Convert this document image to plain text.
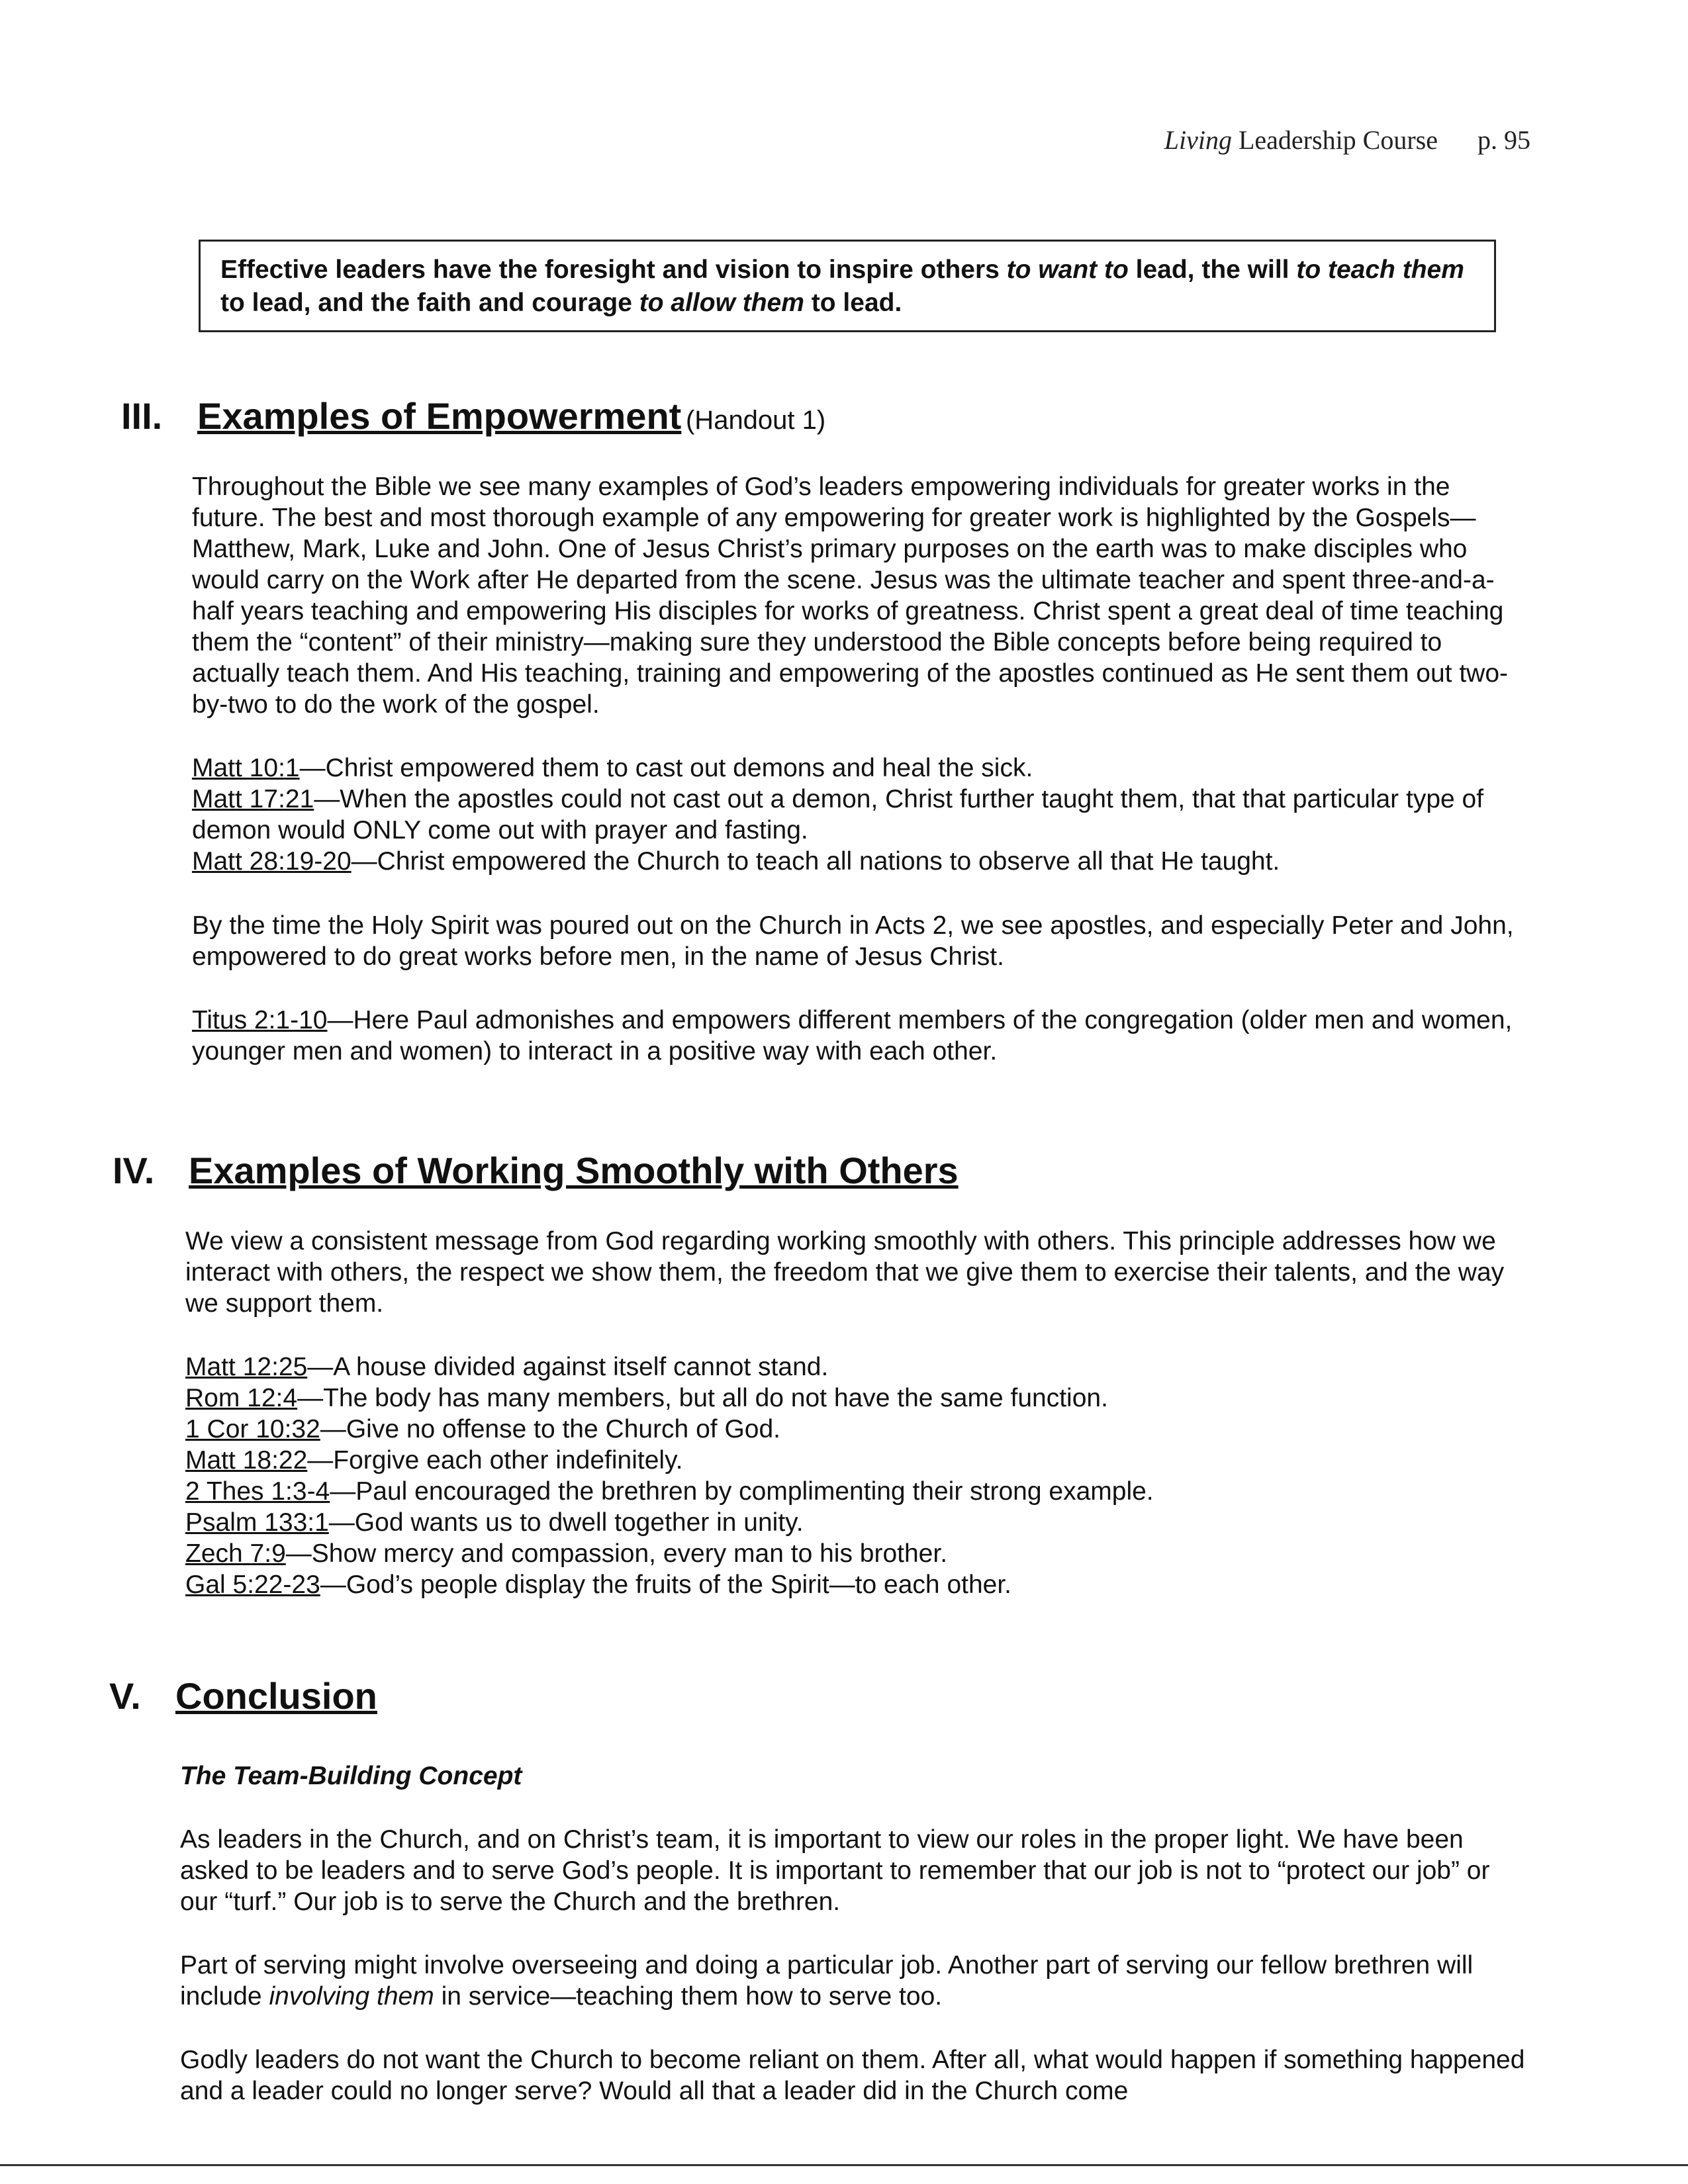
Living Leadership Course p. 95

Effective leaders have the foresight and vision to inspire others to want to lead, the will to teach them to lead, and the faith and courage to allow them to lead.

III. Examples of Empowerment (Handout 1)

Throughout the Bible we see many examples of God’s leaders empowering individuals for greater works in the future. The best and most thorough example of any empowering for greater work is highlighted by the Gospels—Matthew, Mark, Luke and John. One of Jesus Christ’s primary purposes on the earth was to make disciples who would carry on the Work after He departed from the scene. Jesus was the ultimate teacher and spent three-and-a-half years teaching and empowering His disciples for works of greatness. Christ spent a great deal of time teaching them the “content” of their ministry—making sure they understood the Bible concepts before being required to actually teach them. And His teaching, training and empowering of the apostles continued as He sent them out two-by-two to do the work of the gospel.

Matt 10:1—Christ empowered them to cast out demons and heal the sick.
Matt 17:21—When the apostles could not cast out a demon, Christ further taught them, that that particular type of demon would ONLY come out with prayer and fasting.
Matt 28:19-20—Christ empowered the Church to teach all nations to observe all that He taught.

By the time the Holy Spirit was poured out on the Church in Acts 2, we see apostles, and especially Peter and John, empowered to do great works before men, in the name of Jesus Christ.

Titus 2:1-10—Here Paul admonishes and empowers different members of the congregation (older men and women, younger men and women) to interact in a positive way with each other.

IV. Examples of Working Smoothly with Others

We view a consistent message from God regarding working smoothly with others. This principle addresses how we interact with others, the respect we show them, the freedom that we give them to exercise their talents, and the way we support them.

Matt 12:25—A house divided against itself cannot stand.
Rom 12:4—The body has many members, but all do not have the same function.
1 Cor 10:32—Give no offense to the Church of God.
Matt 18:22—Forgive each other indefinitely.
2 Thes 1:3-4—Paul encouraged the brethren by complimenting their strong example.
Psalm 133:1—God wants us to dwell together in unity.
Zech 7:9—Show mercy and compassion, every man to his brother.
Gal 5:22-23—God’s people display the fruits of the Spirit—to each other.
V. Conclusion

The Team-Building Concept

As leaders in the Church, and on Christ’s team, it is important to view our roles in the proper light. We have been asked to be leaders and to serve God’s people. It is important to remember that our job is not to “protect our job” or our “turf.” Our job is to serve the Church and the brethren.

Part of serving might involve overseeing and doing a particular job. Another part of serving our fellow brethren will include involving them in service—teaching them how to serve too.

Godly leaders do not want the Church to become reliant on them. After all, what would happen if something happened and a leader could no longer serve? Would all that a leader did in the Church come
